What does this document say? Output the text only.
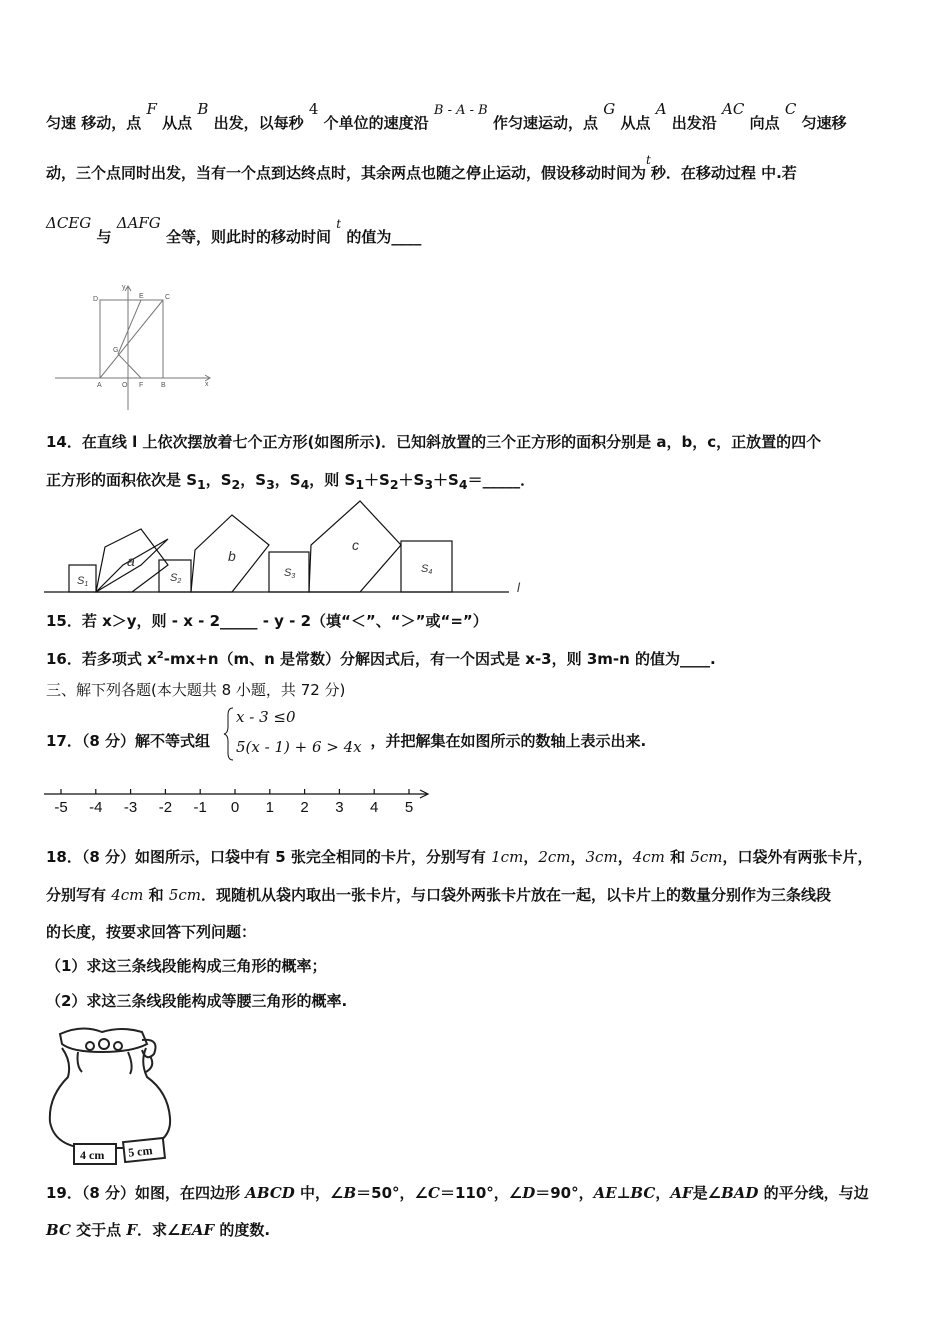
匀速 移动，点 F 从点 B 出发，以每秒 4 个单位的速度沿 B - A - B 作匀速运动，点 G 从点 A 出发沿 AC 向点 C 匀速移
动，三个点同时出发，当有一个点到达终点时，其余两点也随之停止运动，假设移动时间为$^t$秒．在移动过程 中.若
ΔCEG 与 ΔAFG 全等，则此时的移动时间 $^t$ 的值为____
D	E	C
G
A	O F	B
y
x
14．在直线 l 上依次摆放着七个正方形(如图所示)．已知斜放置的三个正方形的面积分别是 a，b，c，正放置的四个
正方形的面积依次是 $S_1$，$S_2$，$S_3$，$S_4$，则 $S_1+S_2+S_3+S_4=\_\_\_\_\_$．
S1
a
S2
b
S3
c
S4
l
15．若 x＞y，则 - x - 2_____ - y - 2（填“＜”、“＞”或“=”）
16．若多项式 $x^2-mx+n(m$、n 是常数）分解因式后，有一个因式是 x-3，则 3m-n 的值为____.
三、解下列各题(本大题共 8 小题，共 72 分)
17．（8 分）解不等式组	，并把解集在如图所示的数轴上表示出来.
x - 3 ≤0
5(x - 1) + 6 > 4x
-5 -4 -3 -2 -1 0 1 2 3 4 5
18．（8 分）如图所示，口袋中有 5 张完全相同的卡片，分别写有 1cm，2cm，3cm，4cm 和 5cm，口袋外有两张卡片，
分别写有 4cm 和 5cm．现随机从袋内取出一张卡片，与口袋外两张卡片放在一起，以卡片上的数量分别作为三条线段
的长度，按要求回答下列问题：
（1）求这三条线段能构成三角形的概率；
（2）求这三条线段能构成等腰三角形的概率.
4 cm 5 cm
19．（8 分）如图，在四边形 ABCD 中，∠B＝50°，∠C＝110°，∠D＝90°，AE⊥BC，AF是∠BAD 的平分线，与边
BC 交于点 F．求∠EAF 的度数.
